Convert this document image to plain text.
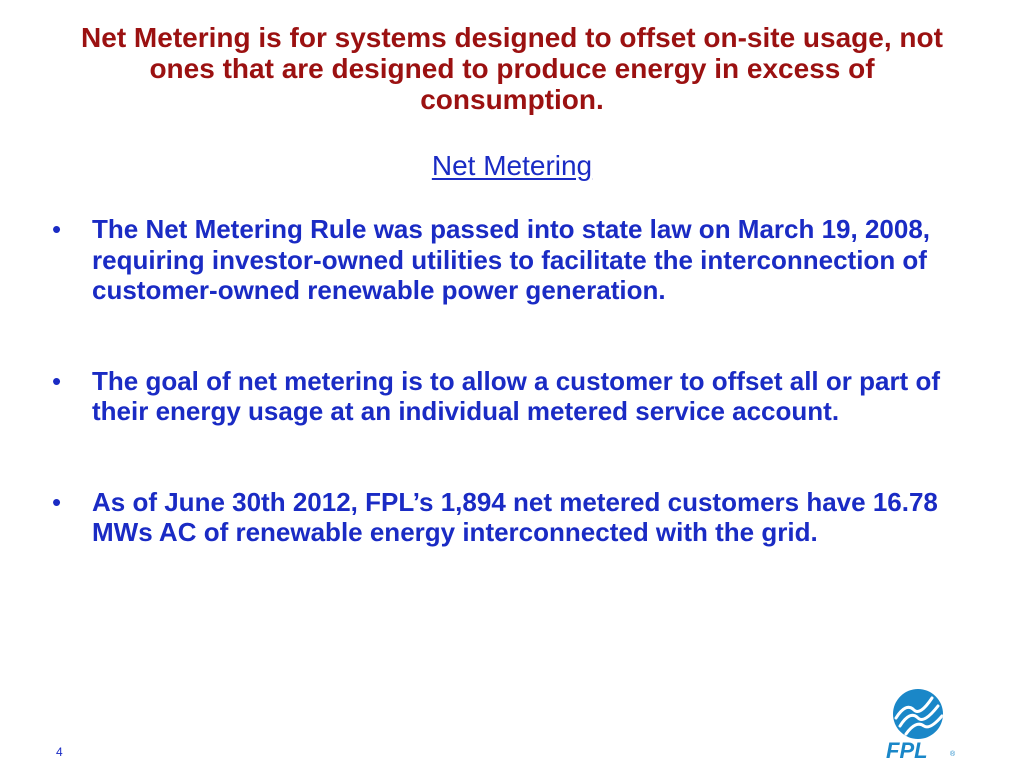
Net Metering is for systems designed to offset on-site usage, not ones that are designed to produce energy in excess of consumption.
Net Metering
•	The Net Metering Rule was passed into state law on March 19, 2008, requiring investor-owned utilities to facilitate the interconnection of customer-owned renewable power generation.
•	The goal of net metering is to allow a customer to offset all or part of their energy usage at an individual metered service account.
•	As of June 30th 2012, FPL’s 1,894 net metered customers have 16.78 MWs AC of renewable energy interconnected with the grid.
4	FPL	®
